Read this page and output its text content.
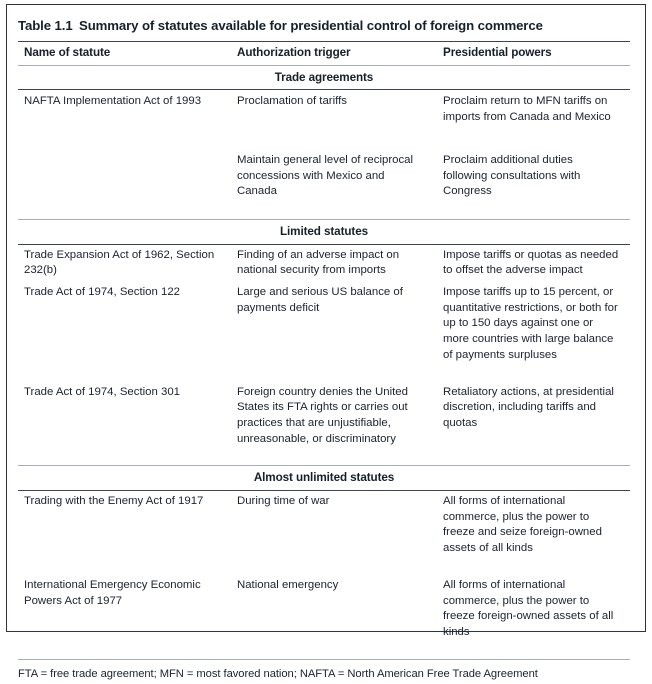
Table 1.1 Summary of statutes available for presidential control of foreign commerce
Name of statute	Authorization trigger	Presidential powers

Trade agreements		

NAFTA Implementation Act of 1993	Proclamation of tariffs	Proclaim return to MFN tariffs on imports from Canada and Mexico

	Maintain general level of reciprocal concessions with Mexico and Canada	Proclaim additional duties following consultations with Congress

Limited statutes		

Trade Expansion Act of 1962, Section 232(b)	Finding of an adverse impact on national security from imports	Impose tariffs or quotas as needed to offset the adverse impact
Trade Act of 1974, Section 122	Large and serious US balance of payments deficit	Impose tariffs up to 15 percent, or quantitative restrictions, or both for up to 150 days against one or more countries with large balance of payments surpluses

Trade Act of 1974, Section 301	Foreign country denies the United States its FTA rights or carries out practices that are unjustifiable, unreasonable, or discriminatory	Retaliatory actions, at presidential discretion, including tariffs and quotas

Almost unlimited statutes		

Trading with the Enemy Act of 1917	During time of war	All forms of international commerce, plus the power to freeze and seize foreign-owned assets of all kinds

International Emergency Economic Powers Act of 1977	National emergency	All forms of international commerce, plus the power to freeze foreign-owned assets of all kinds

FTA = free trade agreement; MFN = most favored nation; NAFTA = North American Free Trade Agreement
